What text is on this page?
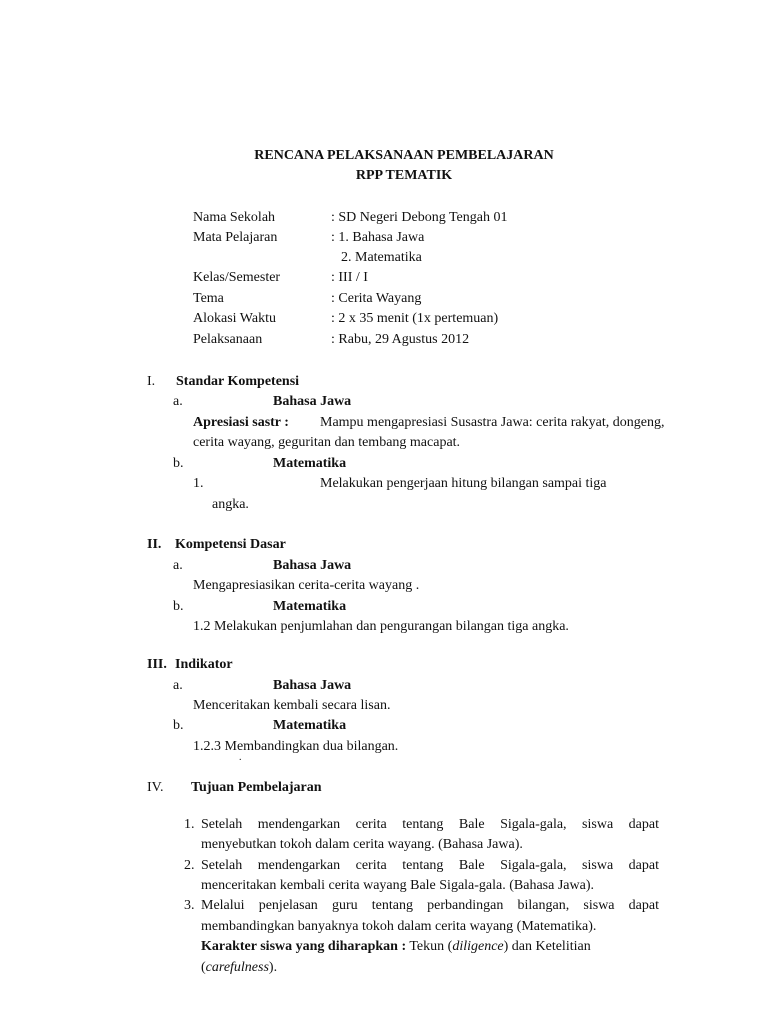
RENCANA PELAKSANAAN PEMBELAJARAN
RPP TEMATIK
Nama Sekolah	: SD Negeri Debong Tengah 01
Mata Pelajaran	: 1. Bahasa Jawa
2. Matematika
Kelas/Semester	: III / I
Tema	: Cerita Wayang
Alokasi Waktu	: 2 x 35 menit (1x pertemuan)
Pelaksanaan	: Rabu, 29 Agustus 2012
I. Standar Kompetensi
a.	Bahasa Jawa
Apresiasi sastr : Mampu mengapresiasi Susastra Jawa: cerita rakyat, dongeng,
cerita wayang, geguritan dan tembang macapat.
b.	Matematika
1.	Melakukan pengerjaan hitung bilangan sampai tiga
angka.
II. Kompetensi Dasar
a.	Bahasa Jawa
Mengapresiasikan cerita-cerita wayang .
b.	Matematika
1.2 Melakukan penjumlahan dan pengurangan bilangan tiga angka.
III. Indikator
a.	Bahasa Jawa
Menceritakan kembali secara lisan.
b.	Matematika
1.2.3 Membandingkan dua bilangan.
.
IV. Tujuan Pembelajaran
1. Setelah mendengarkan cerita tentang Bale Sigala-gala, siswa dapat
menyebutkan tokoh dalam cerita wayang. (Bahasa Jawa).
2. Setelah mendengarkan cerita tentang Bale Sigala-gala, siswa dapat
menceritakan kembali cerita wayang Bale Sigala-gala. (Bahasa Jawa).
3. Melalui penjelasan guru tentang perbandingan bilangan, siswa dapat
membandingkan banyaknya tokoh dalam cerita wayang (Matematika).
Karakter siswa yang diharapkan : Tekun (diligence) dan Ketelitian
(carefulness).
